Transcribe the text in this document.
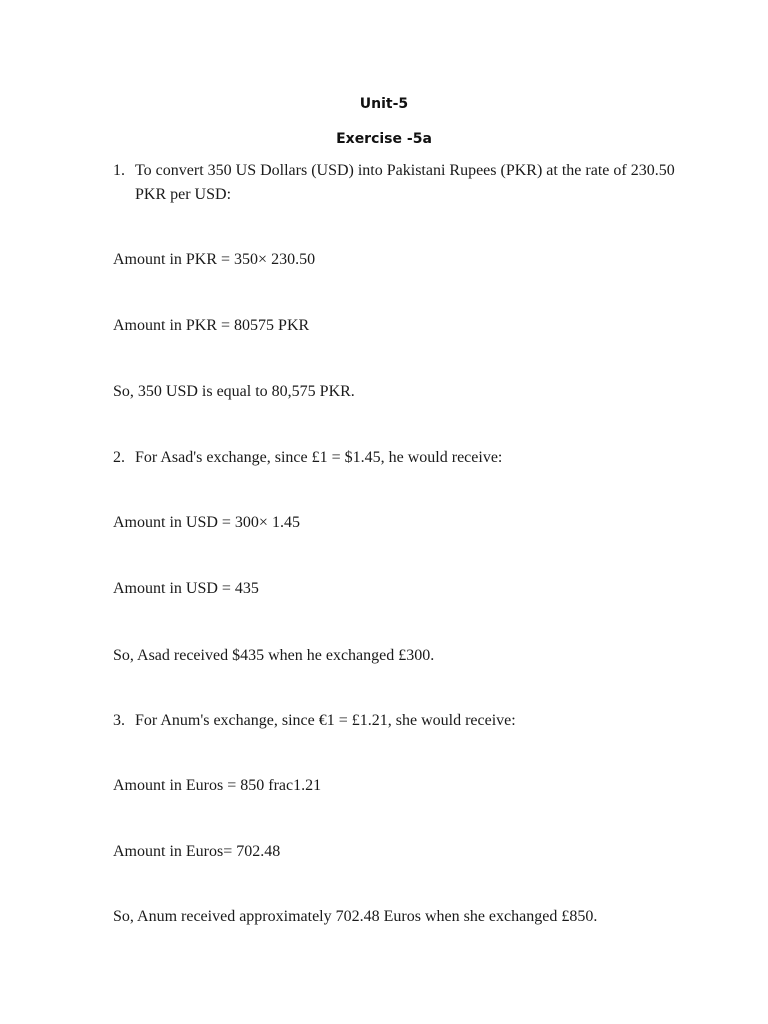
Unit-5
Exercise -5a
1. To convert 350 US Dollars (USD) into Pakistani Rupees (PKR) at the rate of 230.50 PKR per USD:
Amount in PKR = 350× 230.50
Amount in PKR = 80575 PKR
So, 350 USD is equal to 80,575 PKR.
2. For Asad's exchange, since £1 = $1.45, he would receive:
Amount in USD = 300× 1.45
Amount in USD = 435
So, Asad received $435 when he exchanged £300.
3. For Anum's exchange, since €1 = £1.21, she would receive:
Amount in Euros = 850 frac1.21
Amount in Euros= 702.48
So, Anum received approximately 702.48 Euros when she exchanged £850.
